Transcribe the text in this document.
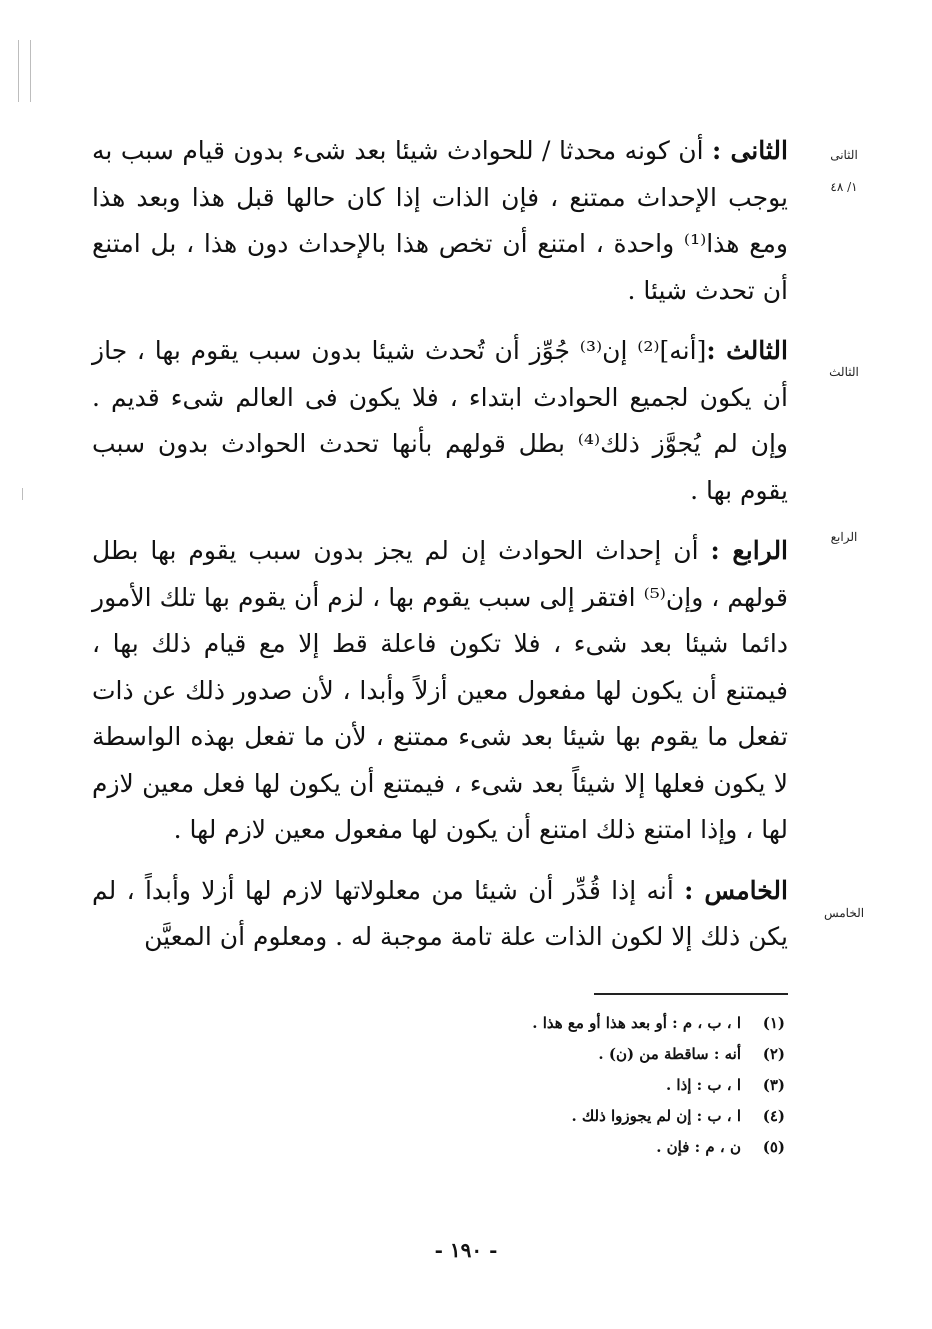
الثانى
١/ ٤٨
الثالث
الرابع
الخامس

الثانى : أن كونه محدثا / للحوادث شيئا بعد شىء بدون قيام سبب به يوجب الإحداث ممتنع ، فإن الذات إذا كان حالها قبل هذا وبعد هذا ومع هذا⁽¹⁾ واحدة ، امتنع أن تخص هذا بالإحداث دون هذا ، بل امتنع أن تحدث شيئا .

الثالث :[أنه]⁽²⁾ إن⁽³⁾ جُوِّز أن تُحدث شيئا بدون سبب يقوم بها ، جاز أن يكون لجميع الحوادث ابتداء ، فلا يكون فى العالم شىء قديم . وإن لم يُجوَّز ذلك⁽⁴⁾ بطل قولهم بأنها تحدث الحوادث بدون سبب يقوم بها .

الرابع : أن إحداث الحوادث إن لم يجز بدون سبب يقوم بها بطل قولهم ، وإن⁽⁵⁾ افتقر إلى سبب يقوم بها ، لزم أن يقوم بها تلك الأمور دائما شيئا بعد شىء ، فلا تكون فاعلة قط إلا مع قيام ذلك بها ، فيمتنع أن يكون لها مفعول معين أزلاً وأبدا ، لأن صدور ذلك عن ذات تفعل ما يقوم بها شيئا بعد شىء ممتنع ، لأن ما تفعل بهذه الواسطة لا يكون فعلها إلا شيئاً بعد شىء ، فيمتنع أن يكون لها فعل معين لازم لها ، وإذا امتنع ذلك امتنع أن يكون لها مفعول معين لازم لها .

الخامس : أنه إذا قُدِّر أن شيئا من معلولاتها لازم لها أزلا وأبداً ، لم يكن ذلك إلا لكون الذات علة تامة موجبة له . ومعلوم أن المعيَّن

(١)
ا ، ب ، م : أو بعد هذا أو مع هذا .
(٢)
أنه : ساقطة من (ن) .
(٣)
ا ، ب : إذا .
(٤)
ا ، ب : إن لم يجوزوا ذلك .
(٥)
ن ، م : فإن .
- ١٩٠ -
